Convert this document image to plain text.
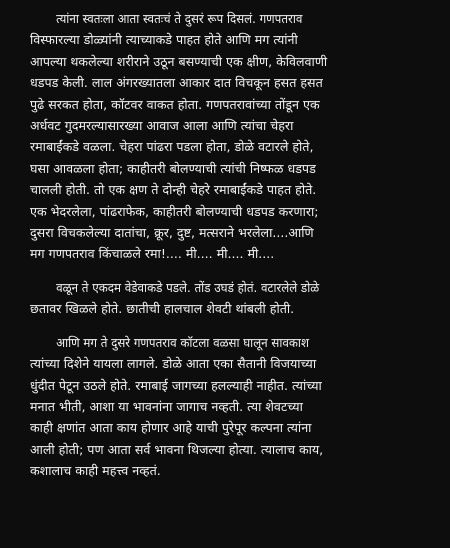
त्यांना स्वतःला आता स्वतःचं ते दुसरं रूप दिसलं. गणपतराव
विस्फारल्या डोळ्यांनी त्याच्याकडे पाहत होते आणि मग त्यांनी
आपल्या थकलेल्या शरीराने उठून बसण्याची एक क्षीण, केविलवाणी
धडपड केली. लाल अंगरख्यातला आकार दात विचकून हसत हसत
पुढे सरकत होता, कॉटवर वाकत होता. गणपतरावांच्या तोंडून एक
अर्धवट गुदमरल्यासारख्या आवाज आला आणि त्यांचा चेहरा
रमाबाईंकडे वळला. चेहरा पांढरा पडला होता, डोळे वटारले होते,
घसा आवळला होता; काहीतरी बोलण्याची त्यांची निष्फळ धडपड
चालली होती. तो एक क्षण ते दोन्ही चेहरे रमाबाईंकडे पाहत होते.
एक भेदरलेला, पांढराफेक, काहीतरी बोलण्याची धडपड करणारा;
दुसरा विचकलेल्या दातांचा, क्रूर, दुष्ट, मत्सराने भरलेला....आणि
मग गणपतराव किंचाळले रमा!.... मी.... मी.... मी....

वळून ते एकदम वेडेवाकडे पडले. तोंड उघडं होतं. वटारलेले डोळे
छतावर खिळले होते. छातीची हालचाल शेवटी थांबली होती.

आणि मग ते दुसरे गणपतराव कॉटला वळसा घालून सावकाश
त्यांच्या दिशेने यायला लागले. डोळे आता एका सैतानी विजयाच्या
धुंदीत पेटून उठले होते. रमाबाई जागच्या हलल्याही नाहीत. त्यांच्या
मनात भीती, आशा या भावनांना जागाच नव्हती. त्या शेवटच्या
काही क्षणांत आता काय होणार आहे याची पुरेपूर कल्पना त्यांना
आली होती; पण आता सर्व भावना थिजल्या होत्या. त्यालाच काय,
कशालाच काही महत्त्व नव्हतं.
